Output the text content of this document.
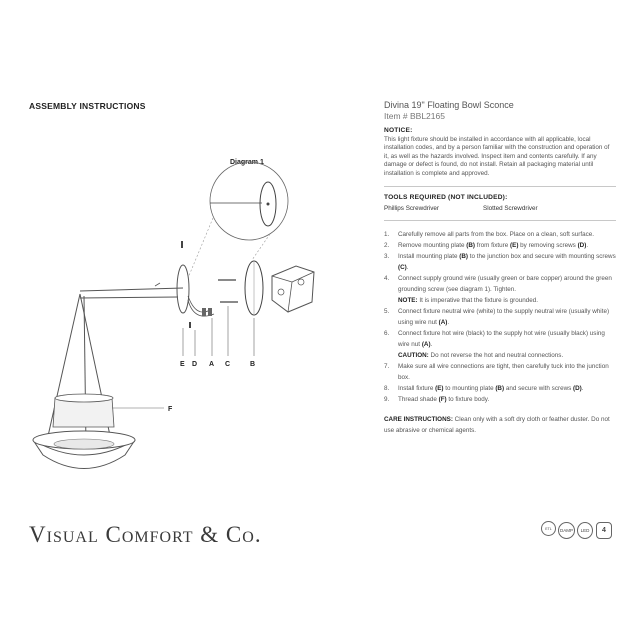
ASSEMBLY INSTRUCTIONS
Diagram 1
E D A C	B
F
Divina 19" Floating Bowl Sconce
Item # BBL2165
NOTICE:
This light fixture should be installed in accordance with all applicable, local installation codes, and by a person familiar with the construction and operation of it, as well as the hazards involved. Inspect item and contents carefully. If any damage or defect is found, do not install. Retain all packaging material until installation is complete and approved.
TOOLS REQUIRED (NOT INCLUDED):
Phillips Screwdriver	Slotted Screwdriver
1.	Carefully remove all parts from the box. Place on a clean, soft surface.
2.	Remove mounting plate (B) from fixture (E) by removing screws (D).
3.	Install mounting plate (B) to the junction box and secure with mounting screws (C).
4.	Connect supply ground wire (usually green or bare copper) around the green grounding screw (see diagram 1). Tighten.
NOTE: It is imperative that the fixture is grounded.
5.	Connect fixture neutral wire (white) to the supply neutral wire (usually white) using wire nut (A).
6.	Connect fixture hot wire (black) to the supply hot wire (usually black) using wire nut (A).
CAUTION: Do not reverse the hot and neutral connections.
7.	Make sure all wire connections are tight, then carefully tuck into the junction box.
8.	Install fixture (E) to mounting plate (B) and secure with screws (D).
9.	Thread shade (F) to fixture body.
CARE INSTRUCTIONS: Clean only with a soft dry cloth or feather duster. Do not use abrasive or chemical agents.
VISUAL COMFORT & CO.	ETL	DAMP	LED	4
